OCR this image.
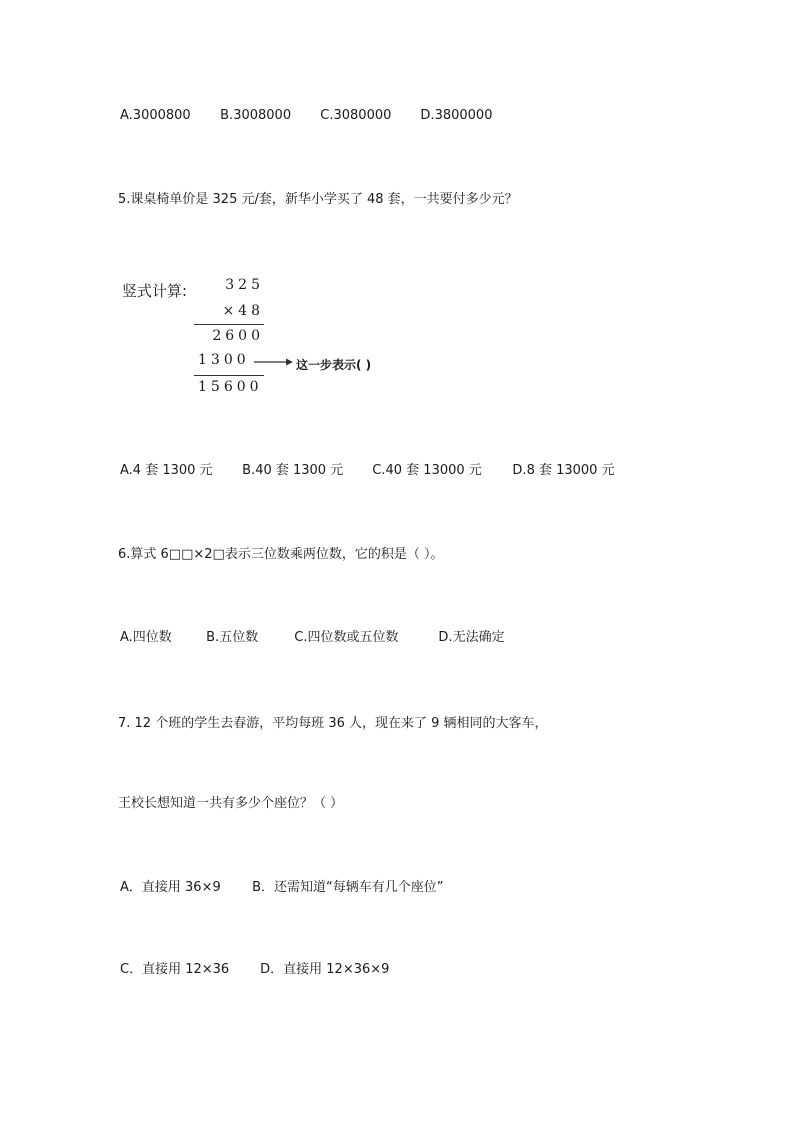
A.3000800 B.3008000 C.3080000 D.3800000
5.课桌椅单价是 325 元/套，新华小学买了 48 套，一共要付多少元？
竖式计算:	325
×48
2600
1300	这一步表示( )
15600
A.4 套 1300 元 B.40 套 1300 元 C.40 套 13000 元 D.8 套 13000 元
6.算式 6□□×2□表示三位数乘两位数，它的积是（ ）。
A.四位数	B.五位数	C.四位数或五位数	D.无法确定
7. 12 个班的学生去春游，平均每班 36 人，现在来了 9 辆相同的大客车，
王校长想知道一共有多少个座位？（ ）
A．直接用 36×9 B．还需知道“每辆车有几个座位”
C．直接用 12×36 D．直接用 12×36×9
